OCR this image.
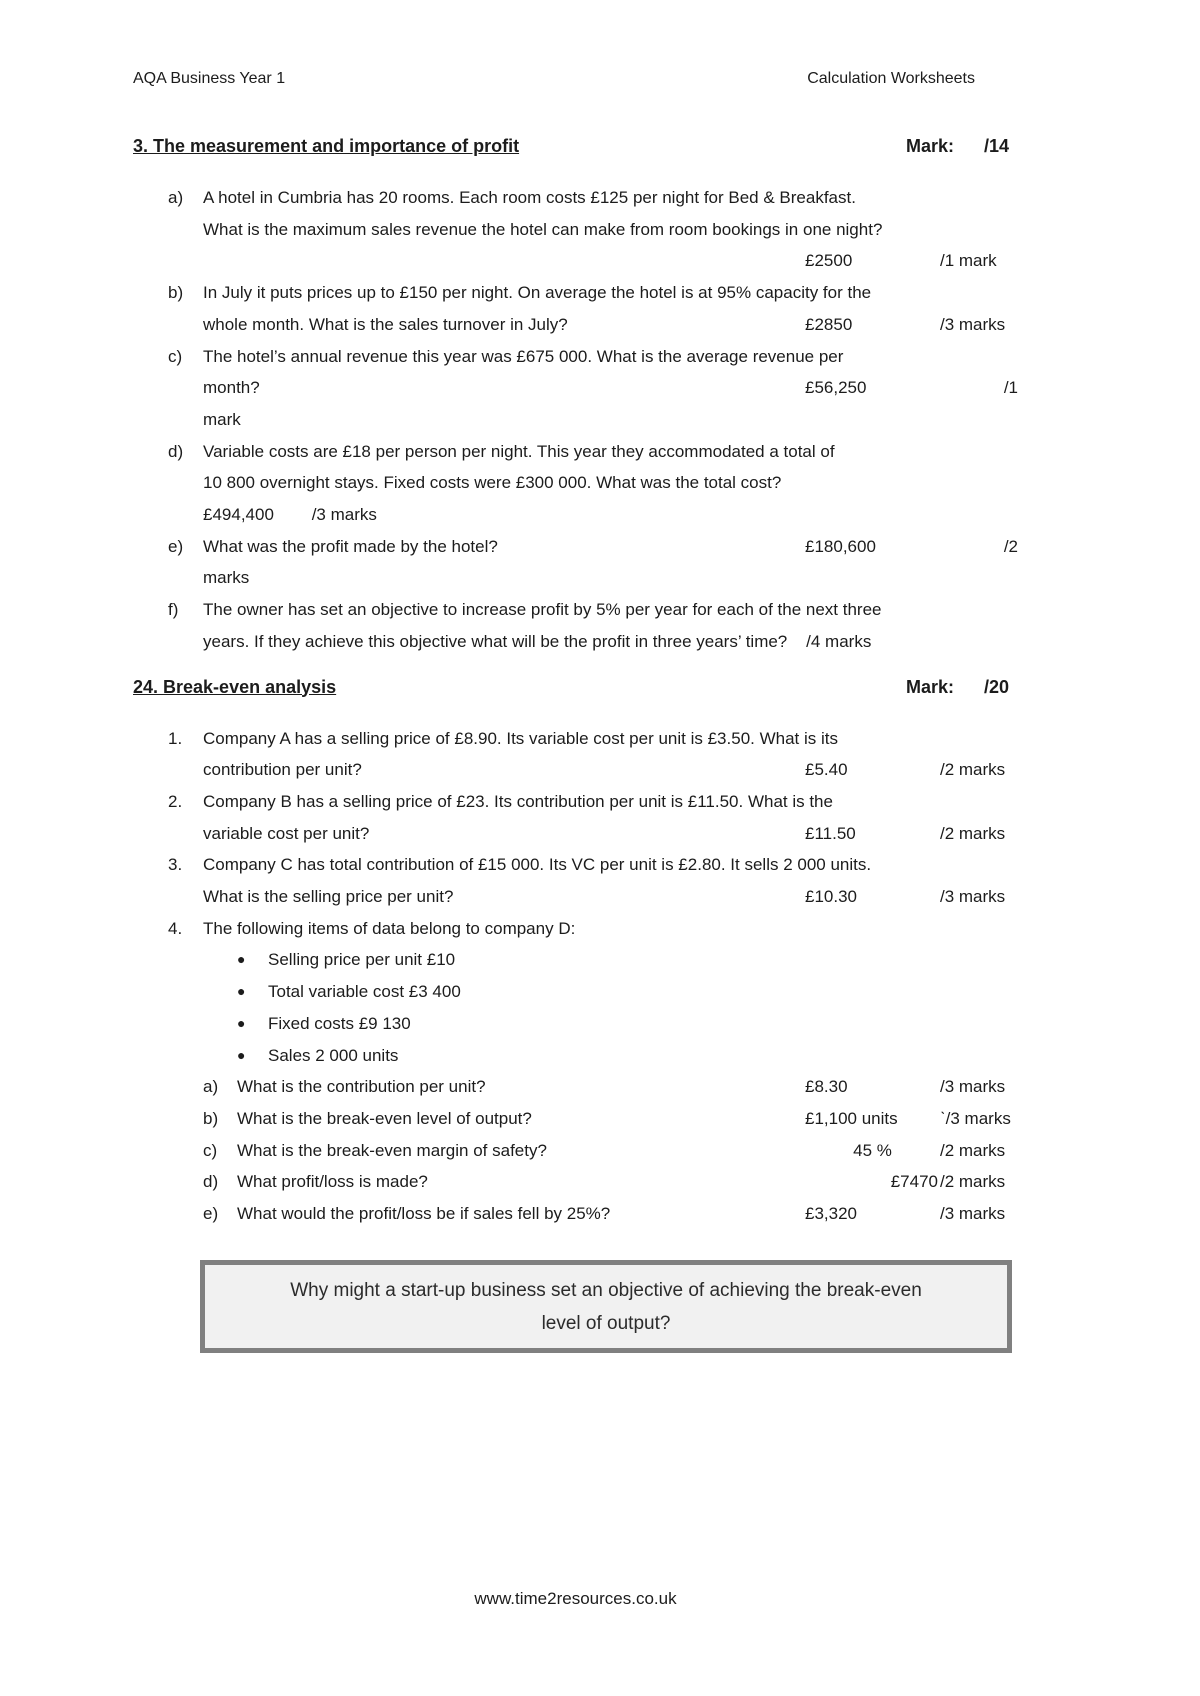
AQA Business Year 1	Calculation Worksheets
3. The measurement and importance of profit	Mark: /14
a)	A hotel in Cumbria has 20 rooms. Each room costs £125 per night for Bed & Breakfast.
What is the maximum sales revenue the hotel can make from room bookings in one night?
£2500	/1 mark
b)	In July it puts prices up to £150 per night. On average the hotel is at 95% capacity for the
whole month. What is the sales turnover in July?	£2850	/3 marks
c)	The hotel’s annual revenue this year was £675 000. What is the average revenue per
month?	£56,250	/1
mark
d)	Variable costs are £18 per person per night. This year they accommodated a total of
10 800 overnight stays. Fixed costs were £300 000. What was the total cost?
£494,400        /3 marks
e)	What was the profit made by the hotel?	£180,600	/2
marks
f)	The owner has set an objective to increase profit by 5% per year for each of the next three
years. If they achieve this objective what will be the profit in three years’ time?    /4 marks
24. Break-even analysis	Mark: /20
1.	Company A has a selling price of £8.90. Its variable cost per unit is £3.50. What is its
contribution per unit?	£5.40	/2 marks
2.	Company B has a selling price of £23. Its contribution per unit is £11.50. What is the
variable cost per unit?	£11.50	/2 marks
3.	Company C has total contribution of £15 000. Its VC per unit is £2.80. It sells 2 000 units.
What is the selling price per unit?	£10.30	/3 marks
4.	The following items of data belong to company D:
●	Selling price per unit £10
●	Total variable cost £3 400
●	Fixed costs £9 130
●	Sales 2 000 units
a)	What is the contribution per unit?	£8.30	/3 marks
b)	What is the break-even level of output?	£1,100 units	ˋ/3 marks
c)	What is the break-even margin of safety?	45 %	/2 marks
d)	What profit/loss is made?	£7470 /2 marks
e)	What would the profit/loss be if sales fell by 25%?	£3,320	/3 marks
Why might a start-up business set an objective of achieving the break-even
level of output?
www.time2resources.co.uk
